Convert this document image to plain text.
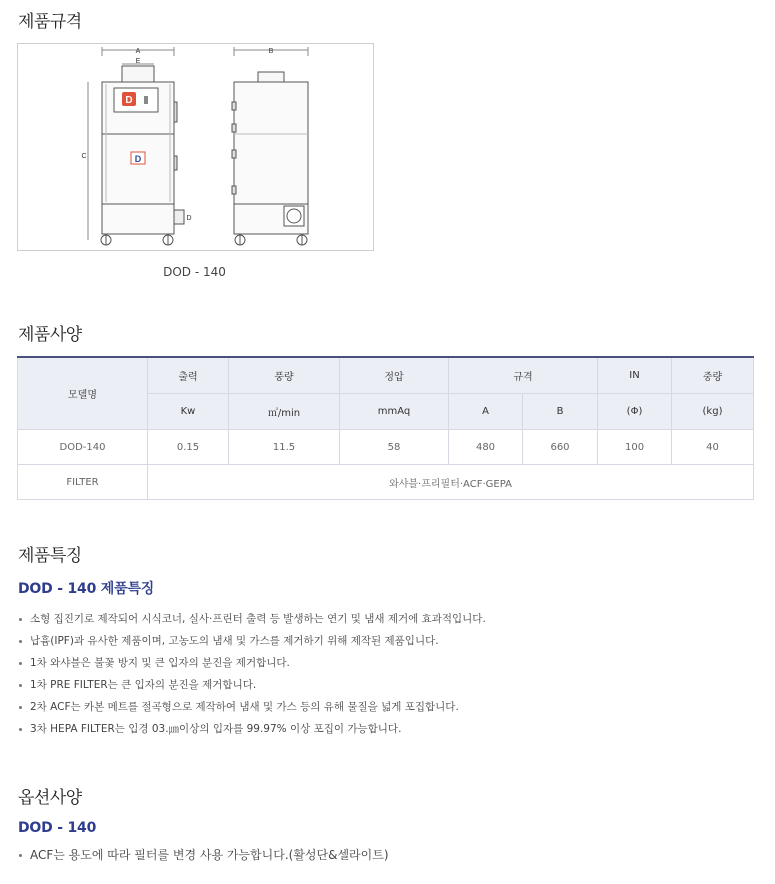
제품규격
D
D
A
E
C
D
B
DOD - 140
제품사양
모델명	출력	풍량	정압	규격		IN	중량
	Kw	㎥/min	mmAq	A	B	(Φ)	(kg)
DOD-140	0.15	11.5	58	480	660	100	40
FILTER	와샤블·프리필터·ACF·GEPA						
제품특징
DOD - 140 제품특징
소형 집진기로 제작되어 시식코너, 실사·프린터 출력 등 발생하는 연기 및 냄새 제거에 효과적입니다.
납흄(IPF)과 유사한 제품이며, 고농도의 냄새 및 가스를 제거하기 위해 제작된 제품입니다.
1차 와샤블은 불꽃 방지 및 큰 입자의 분진을 제거합니다.
1차 PRE FILTER는 큰 입자의 분진을 제거합니다.
2차 ACF는 카본 메트를 절곡형으로 제작하여 냄새 및 가스 등의 유해 물질을 넓게 포집합니다.
3차 HEPA FILTER는 입경 03.㎛이상의 입자를 99.97% 이상 포집이 가능합니다.
옵션사양
DOD - 140
ACF는 용도에 따라 필터를 변경 사용 가능합니다.(활성단&셀라이트)
